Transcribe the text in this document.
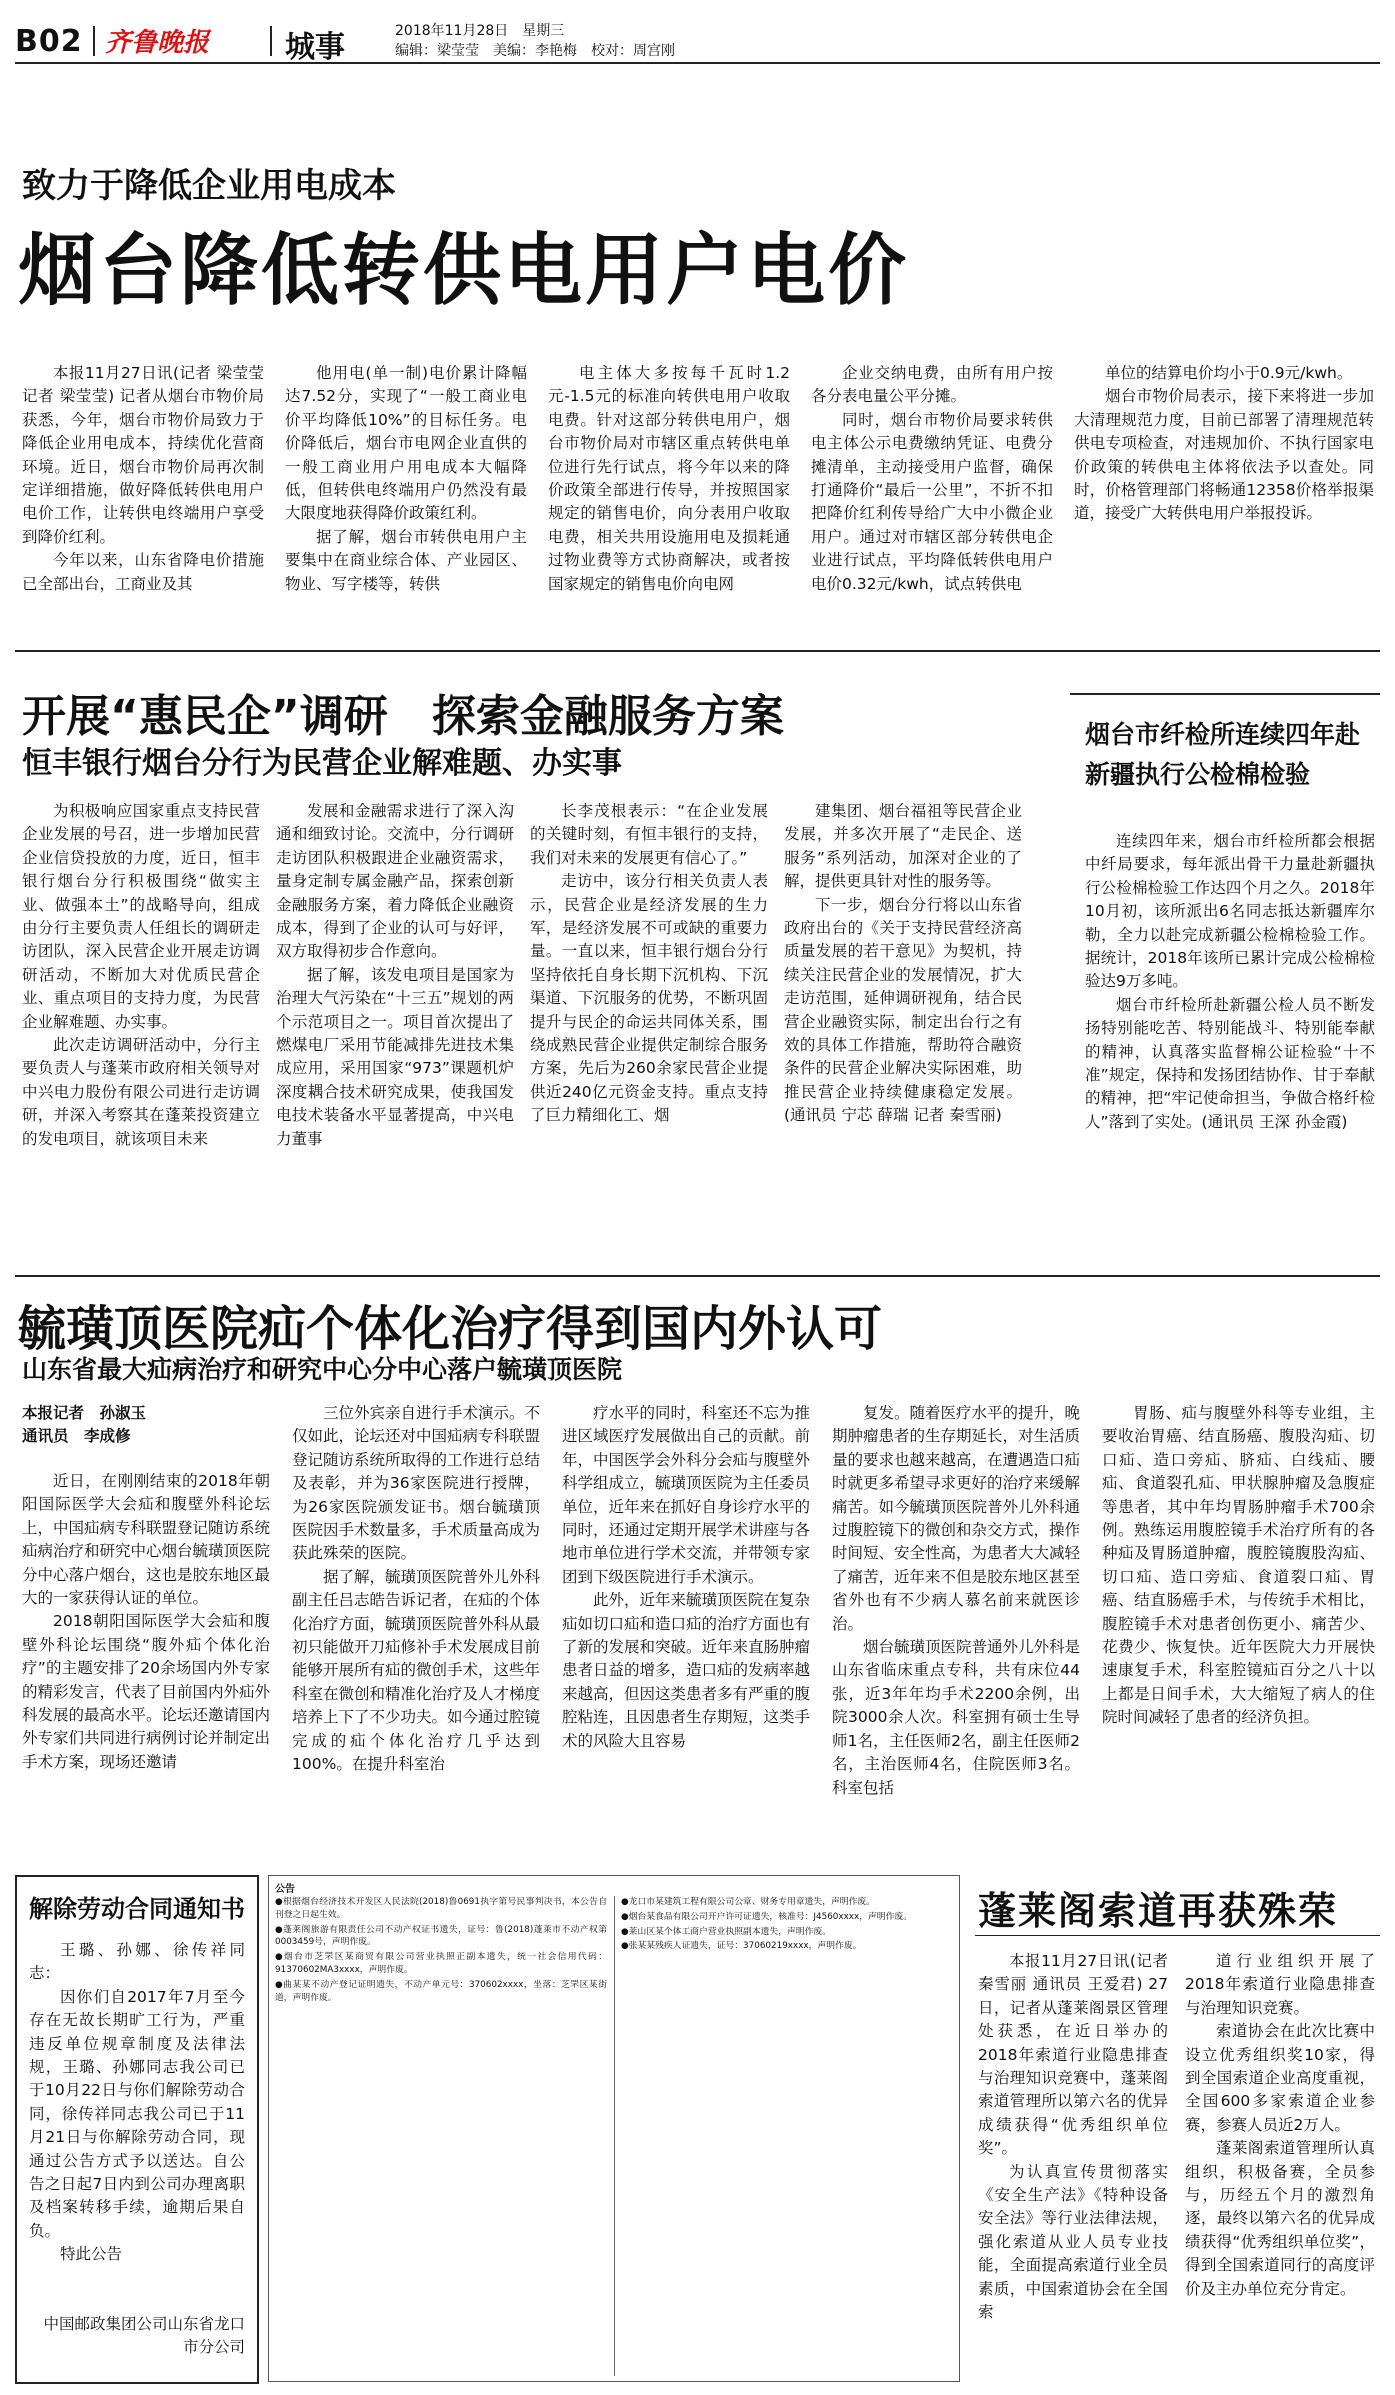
B02 齐鲁晚报	城事	2018年11月28日　星期三
编辑：梁莹莹　美编：李艳梅　校对：周宫刚
致力于降低企业用电成本
烟台降低转供电用户电价

本报11月27日讯(记者 梁莹莹 记者 梁莹莹) 记者从烟台市物价局获悉，今年，烟台市物价局致力于降低企业用电成本，持续优化营商环境。近日，烟台市物价局再次制定详细措施，做好降低转供电用户电价工作，让转供电终端用户享受到降价红利。

今年以来，山东省降电价措施已全部出台，工商业及其

他用电(单一制)电价累计降幅达7.52分，实现了“一般工商业电价平均降低10%”的目标任务。电价降低后，烟台市电网企业直供的一般工商业用户用电成本大幅降低，但转供电终端用户仍然没有最大限度地获得降价政策红利。

据了解，烟台市转供电用户主要集中在商业综合体、产业园区、物业、写字楼等，转供

电主体大多按每千瓦时1.2元-1.5元的标准向转供电用户收取电费。针对这部分转供电用户，烟台市物价局对市辖区重点转供电单位进行先行试点，将今年以来的降价政策全部进行传导，并按照国家规定的销售电价，向分表用户收取电费，相关共用设施用电及损耗通过物业费等方式协商解决，或者按国家规定的销售电价向电网

企业交纳电费，由所有用户按各分表电量公平分摊。

同时，烟台市物价局要求转供电主体公示电费缴纳凭证、电费分摊清单，主动接受用户监督，确保打通降价“最后一公里”，不折不扣把降价红利传导给广大中小微企业用户。通过对市辖区部分转供电企业进行试点，平均降低转供电用户电价0.32元/kwh，试点转供电

单位的结算电价均小于0.9元/kwh。

烟台市物价局表示，接下来将进一步加大清理规范力度，目前已部署了清理规范转供电专项检查，对违规加价、不执行国家电价政策的转供电主体将依法予以查处。同时，价格管理部门将畅通12358价格举报渠道，接受广大转供电用户举报投诉。

开展“惠民企”调研　探索金融服务方案
恒丰银行烟台分行为民营企业解难题、办实事

为积极响应国家重点支持民营企业发展的号召，进一步增加民营企业信贷投放的力度，近日，恒丰银行烟台分行积极围绕“做实主业、做强本土”的战略导向，组成由分行主要负责人任组长的调研走访团队，深入民营企业开展走访调研活动，不断加大对优质民营企业、重点项目的支持力度，为民营企业解难题、办实事。

此次走访调研活动中，分行主要负责人与蓬莱市政府相关领导对中兴电力股份有限公司进行走访调研，并深入考察其在蓬莱投资建立的发电项目，就该项目未来

发展和金融需求进行了深入沟通和细致讨论。交流中，分行调研走访团队积极跟进企业融资需求，量身定制专属金融产品，探索创新金融服务方案，着力降低企业融资成本，得到了企业的认可与好评，双方取得初步合作意向。

据了解，该发电项目是国家为治理大气污染在“十三五”规划的两个示范项目之一。项目首次提出了燃煤电厂采用节能减排先进技术集成应用，采用国家“973”课题机炉深度耦合技术研究成果，使我国发电技术装备水平显著提高，中兴电力董事

长李茂根表示：“在企业发展的关键时刻，有恒丰银行的支持，我们对未来的发展更有信心了。”

走访中，该分行相关负责人表示，民营企业是经济发展的生力军，是经济发展不可或缺的重要力量。一直以来，恒丰银行烟台分行坚持依托自身长期下沉机构、下沉渠道、下沉服务的优势，不断巩固提升与民企的命运共同体关系，围绕成熟民营企业提供定制综合服务方案，先后为260余家民营企业提供近240亿元资金支持。重点支持了巨力精细化工、烟

建集团、烟台福祖等民营企业发展，并多次开展了“走民企、送服务”系列活动，加深对企业的了解，提供更具针对性的服务等。

下一步，烟台分行将以山东省政府出台的《关于支持民营经济高质量发展的若干意见》为契机，持续关注民营企业的发展情况，扩大走访范围，延伸调研视角，结合民营企业融资实际，制定出台行之有效的具体工作措施，帮助符合融资条件的民营企业解决实际困难，助推民营企业持续健康稳定发展。(通讯员 宁芯 薛瑞 记者 秦雪丽)

烟台市纤检所连续四年赴新疆执行公检棉检验

连续四年来，烟台市纤检所都会根据中纤局要求，每年派出骨干力量赴新疆执行公检棉检验工作达四个月之久。2018年10月初，该所派出6名同志抵达新疆库尔勒，全力以赴完成新疆公检棉检验工作。据统计，2018年该所已累计完成公检棉检验达9万多吨。

烟台市纤检所赴新疆公检人员不断发扬特别能吃苦、特别能战斗、特别能奉献的精神，认真落实监督棉公证检验“十不准”规定，保持和发扬团结协作、甘于奉献的精神，把“牢记使命担当，争做合格纤检人”落到了实处。(通讯员 王深 孙金霞)

毓璜顶医院疝个体化治疗得到国内外认可
山东省最大疝病治疗和研究中心分中心落户毓璜顶医院
本报记者　孙淑玉
通讯员　李成修

近日，在刚刚结束的2018年朝阳国际医学大会疝和腹壁外科论坛上，中国疝病专科联盟登记随访系统疝病治疗和研究中心烟台毓璜顶医院分中心落户烟台，这也是胶东地区最大的一家获得认证的单位。

2018朝阳国际医学大会疝和腹壁外科论坛围绕“腹外疝个体化治疗”的主题安排了20余场国内外专家的精彩发言，代表了目前国内外疝外科发展的最高水平。论坛还邀请国内外专家们共同进行病例讨论并制定出手术方案，现场还邀请

三位外宾亲自进行手术演示。不仅如此，论坛还对中国疝病专科联盟登记随访系统所取得的工作进行总结及表彰，并为36家医院进行授牌，为26家医院颁发证书。烟台毓璜顶医院因手术数量多，手术质量高成为获此殊荣的医院。

据了解，毓璜顶医院普外儿外科副主任吕志皓告诉记者，在疝的个体化治疗方面，毓璜顶医院普外科从最初只能做开刀疝修补手术发展成目前能够开展所有疝的微创手术，这些年科室在微创和精准化治疗及人才梯度培养上下了不少功夫。如今通过腔镜完成的疝个体化治疗几乎达到100%。在提升科室治

疗水平的同时，科室还不忘为推进区域医疗发展做出自己的贡献。前年，中国医学会外科分会疝与腹壁外科学组成立，毓璜顶医院为主任委员单位，近年来在抓好自身诊疗水平的同时，还通过定期开展学术讲座与各地市单位进行学术交流，并带领专家团到下级医院进行手术演示。

此外，近年来毓璜顶医院在复杂疝如切口疝和造口疝的治疗方面也有了新的发展和突破。近年来直肠肿瘤患者日益的增多，造口疝的发病率越来越高，但因这类患者多有严重的腹腔粘连，且因患者生存期短，这类手术的风险大且容易

复发。随着医疗水平的提升，晚期肿瘤患者的生存期延长，对生活质量的要求也越来越高，在遭遇造口疝时就更多希望寻求更好的治疗来缓解痛苦。如今毓璜顶医院普外儿外科通过腹腔镜下的微创和杂交方式，操作时间短、安全性高，为患者大大减轻了痛苦，近年来不但是胶东地区甚至省外也有不少病人慕名前来就医诊治。

烟台毓璜顶医院普通外儿外科是山东省临床重点专科，共有床位44张，近3年年均手术2200余例，出院3000余人次。科室拥有硕士生导师1名，主任医师2名，副主任医师2名，主治医师4名，住院医师3名。科室包括

胃肠、疝与腹壁外科等专业组，主要收治胃癌、结直肠癌、腹股沟疝、切口疝、造口旁疝、脐疝、白线疝、腰疝、食道裂孔疝、甲状腺肿瘤及急腹症等患者，其中年均胃肠肿瘤手术700余例。熟练运用腹腔镜手术治疗所有的各种疝及胃肠道肿瘤，腹腔镜腹股沟疝、切口疝、造口旁疝、食道裂口疝、胃癌、结直肠癌手术，与传统手术相比，腹腔镜手术对患者创伤更小、痛苦少、花费少、恢复快。近年医院大力开展快速康复手术，科室腔镜疝百分之八十以上都是日间手术，大大缩短了病人的住院时间减轻了患者的经济负担。

解除劳动合同通知书

王璐、孙娜、徐传祥同志：

因你们自2017年7月至今存在无故长期旷工行为，严重违反单位规章制度及法律法规，王璐、孙娜同志我公司已于10月22日与你们解除劳动合同，徐传祥同志我公司已于11月21日与你解除劳动合同，现通过公告方式予以送达。自公告之日起7日内到公司办理离职及档案转移手续，逾期后果自负。

特此公告

中国邮政集团公司山东省龙口市分公司
公告

●根据烟台经济技术开发区人民法院(2018)鲁0691执字第号民事判决书，本公告自刊登之日起生效。

●蓬莱阁旅游有限责任公司不动产权证书遗失，证号：鲁(2018)蓬莱市不动产权第0003459号，声明作废。

●烟台市芝罘区某商贸有限公司营业执照正副本遗失，统一社会信用代码：91370602MA3xxxx，声明作废。

●曲某某不动产登记证明遗失，不动产单元号：370602xxxx，坐落：芝罘区某街道，声明作废。

●龙口市某建筑工程有限公司公章、财务专用章遗失，声明作废。

●烟台某食品有限公司开户许可证遗失，核准号：J4560xxxx，声明作废。

●莱山区某个体工商户营业执照副本遗失，声明作废。

●张某某残疾人证遗失，证号：37060219xxxx，声明作废。

蓬莱阁索道再获殊荣

本报11月27日讯(记者 秦雪丽 通讯员 王爱君) 27日，记者从蓬莱阁景区管理处获悉，在近日举办的2018年索道行业隐患排查与治理知识竞赛中，蓬莱阁索道管理所以第六名的优异成绩获得“优秀组织单位奖”。

为认真宣传贯彻落实《安全生产法》《特种设备安全法》等行业法律法规，强化索道从业人员专业技能，全面提高索道行业全员素质，中国索道协会在全国索

道行业组织开展了2018年索道行业隐患排查与治理知识竞赛。

索道协会在此次比赛中设立优秀组织奖10家，得到全国索道企业高度重视，全国600多家索道企业参赛，参赛人员近2万人。

蓬莱阁索道管理所认真组织，积极备赛，全员参与，历经五个月的激烈角逐，最终以第六名的优异成绩获得“优秀组织单位奖”，得到全国索道同行的高度评价及主办单位充分肯定。
